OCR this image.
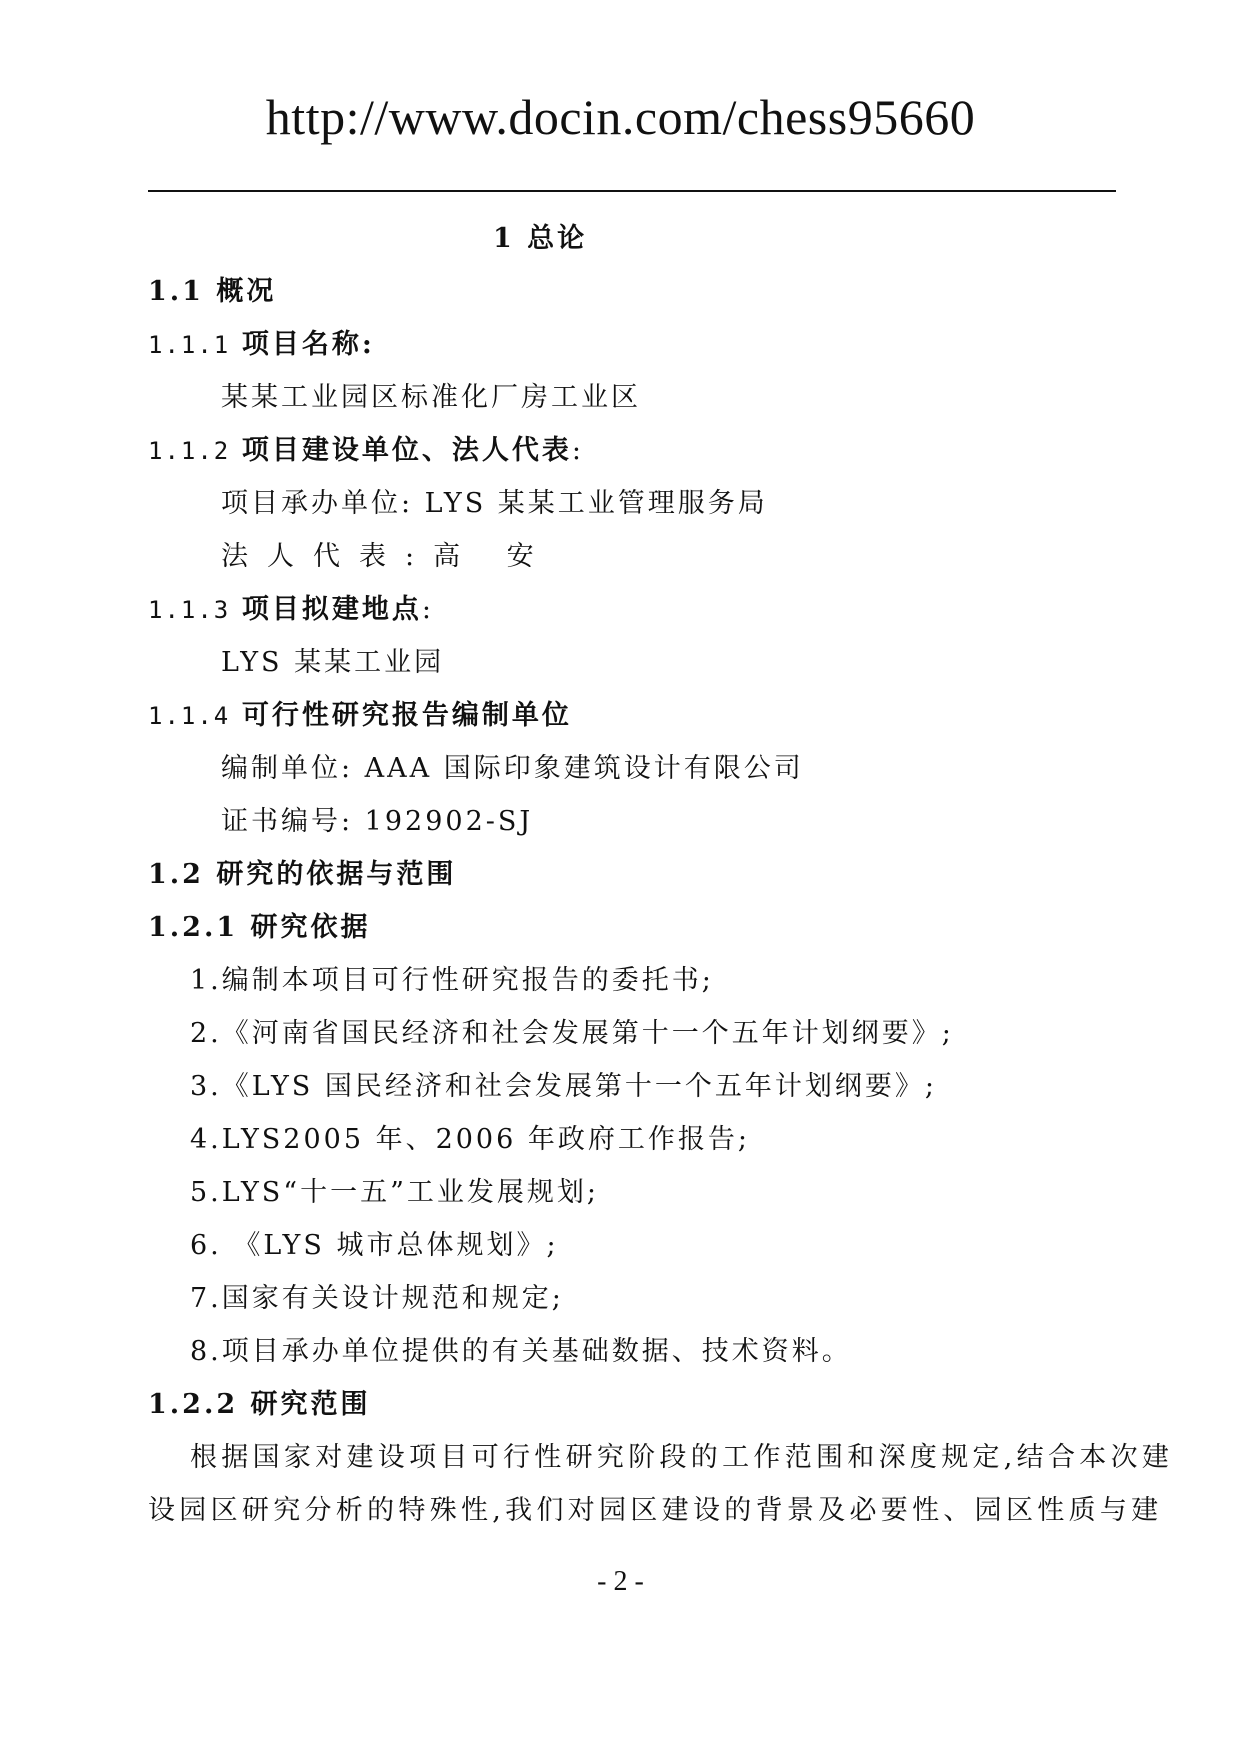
http://www.docin.com/chess95660
1 总论
1.1 概况
1.1.1 项目名称:
某某工业园区标准化厂房工业区
1.1.2 项目建设单位、法人代表:
项目承办单位: LYS 某某工业管理服务局
法人代表:高 安
1.1.3 项目拟建地点:
LYS 某某工业园
1.1.4 可行性研究报告编制单位
编制单位: AAA 国际印象建筑设计有限公司
证书编号: 192902-SJ
1.2 研究的依据与范围
1.2.1 研究依据
1.编制本项目可行性研究报告的委托书;
2.《河南省国民经济和社会发展第十一个五年计划纲要》;
3.《LYS 国民经济和社会发展第十一个五年计划纲要》;
4.LYS2005 年、2006 年政府工作报告;
5.LYS“十一五”工业发展规划;
6. 《LYS 城市总体规划》;
7.国家有关设计规范和规定;
8.项目承办单位提供的有关基础数据、技术资料。
1.2.2 研究范围
根据国家对建设项目可行性研究阶段的工作范围和深度规定,结合本次建
设园区研究分析的特殊性,我们对园区建设的背景及必要性、园区性质与建
- 2 -
